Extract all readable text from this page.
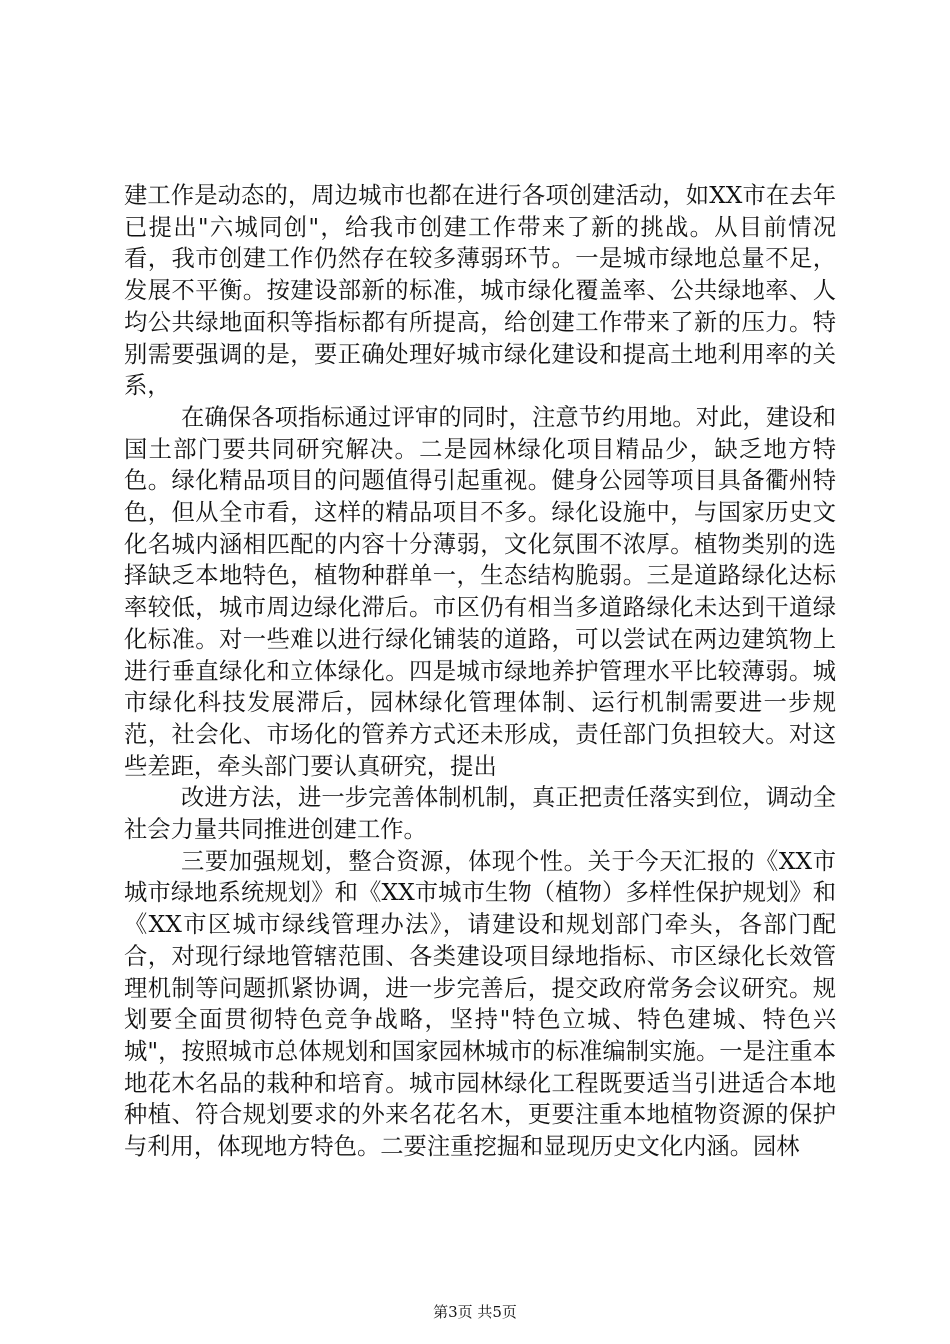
建工作是动态的，周边城市也都在进行各项创建活动，如XX市在去年已提出"六城同创"，给我市创建工作带来了新的挑战。从目前情况看，我市创建工作仍然存在较多薄弱环节。一是城市绿地总量不足，发展不平衡。按建设部新的标准，城市绿化覆盖率、公共绿地率、人均公共绿地面积等指标都有所提高，给创建工作带来了新的压力。特别需要强调的是，要正确处理好城市绿化建设和提高土地利用率的关系，

在确保各项指标通过评审的同时，注意节约用地。对此，建设和国土部门要共同研究解决。二是园林绿化项目精品少，缺乏地方特色。绿化精品项目的问题值得引起重视。健身公园等项目具备衢州特色，但从全市看，这样的精品项目不多。绿化设施中，与国家历史文化名城内涵相匹配的内容十分薄弱，文化氛围不浓厚。植物类别的选择缺乏本地特色，植物种群单一，生态结构脆弱。三是道路绿化达标率较低，城市周边绿化滞后。市区仍有相当多道路绿化未达到干道绿化标准。对一些难以进行绿化铺装的道路，可以尝试在两边建筑物上进行垂直绿化和立体绿化。四是城市绿地养护管理水平比较薄弱。城市绿化科技发展滞后，园林绿化管理体制、运行机制需要进一步规范，社会化、市场化的管养方式还未形成，责任部门负担较大。对这些差距，牵头部门要认真研究，提出

改进方法，进一步完善体制机制，真正把责任落实到位，调动全社会力量共同推进创建工作。

三要加强规划，整合资源，体现个性。关于今天汇报的《XX市城市绿地系统规划》和《XX市城市生物（植物）多样性保护规划》和《XX市区城市绿线管理办法》，请建设和规划部门牵头，各部门配合，对现行绿地管辖范围、各类建设项目绿地指标、市区绿化长效管理机制等问题抓紧协调，进一步完善后，提交政府常务会议研究。规划要全面贯彻特色竞争战略，坚持"特色立城、特色建城、特色兴城"，按照城市总体规划和国家园林城市的标准编制实施。一是注重本地花木名品的栽种和培育。城市园林绿化工程既要适当引进适合本地种植、符合规划要求的外来名花名木，更要注重本地植物资源的保护与利用，体现地方特色。二要注重挖掘和显现历史文化内涵。园林

第3页 共5页
